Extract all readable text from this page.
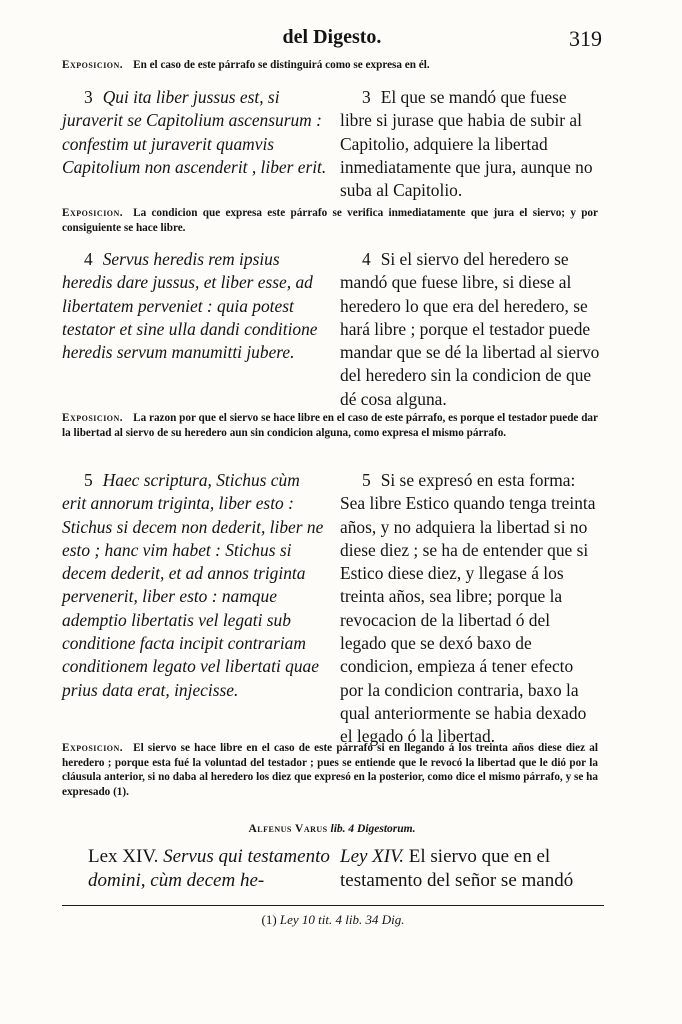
del Digesto.	319
Exposicion. En el caso de este párrafo se distinguirá como se expresa en él.
3 Qui ita liber jussus est, si juraverit se Capitolium ascensurum : confestim ut juraverit quamvis Capitolium non ascenderit , liber erit.
3 El que se mandó que fuese libre si jurase que habia de subir al Capitolio, adquiere la libertad inmediatamente que jura, aunque no suba al Capitolio.
Exposicion. La condicion que expresa este párrafo se verifica inmediatamente que jura el siervo; y por consiguiente se hace libre.
4 Servus heredis rem ipsius heredis dare jussus, et liber esse, ad libertatem perveniet : quia potest testator et sine ulla dandi conditione heredis servum manumitti jubere.
4 Si el siervo del heredero se mandó que fuese libre, si diese al heredero lo que era del heredero, se hará libre ; porque el testador puede mandar que se dé la libertad al siervo del heredero sin la condicion de que dé cosa alguna.
Exposicion. La razon por que el siervo se hace libre en el caso de este párrafo, es porque el testador puede dar la libertad al siervo de su heredero aun sin condicion alguna, como expresa el mismo párrafo.
5 Haec scriptura, Stichus cùm erit annorum triginta, liber esto : Stichus si decem non dederit, liber ne esto ; hanc vim habet : Stichus si decem dederit, et ad annos triginta pervenerit, liber esto : namque ademptio libertatis vel legati sub conditione facta incipit contrariam conditionem legato vel libertati quae prius data erat, injecisse.
5 Si se expresó en esta forma: Sea libre Estico quando tenga treinta años, y no adquiera la libertad si no diese diez ; se ha de entender que si Estico diese diez, y llegase á los treinta años, sea libre; porque la revocacion de la libertad ó del legado que se dexó baxo de condicion, empieza á tener efecto por la condicion contraria, baxo la qual anteriormente se habia dexado el legado ó la libertad.
Exposicion. El siervo se hace libre en el caso de este párrafo si en llegando á los treinta años diese diez al heredero ; porque esta fué la voluntad del testador ; pues se entiende que le revocó la libertad que le dió por la cláusula anterior, si no daba al heredero los diez que expresó en la posterior, como dice el mismo párrafo, y se ha expresado (1).
Alfenus Varus lib. 4 Digestorum.
Lex XIV. Servus qui testamento domini, cùm decem he-
Ley XIV. El siervo que en el testamento del señor se mandó
(1) Ley 10 tit. 4 lib. 34 Dig.
